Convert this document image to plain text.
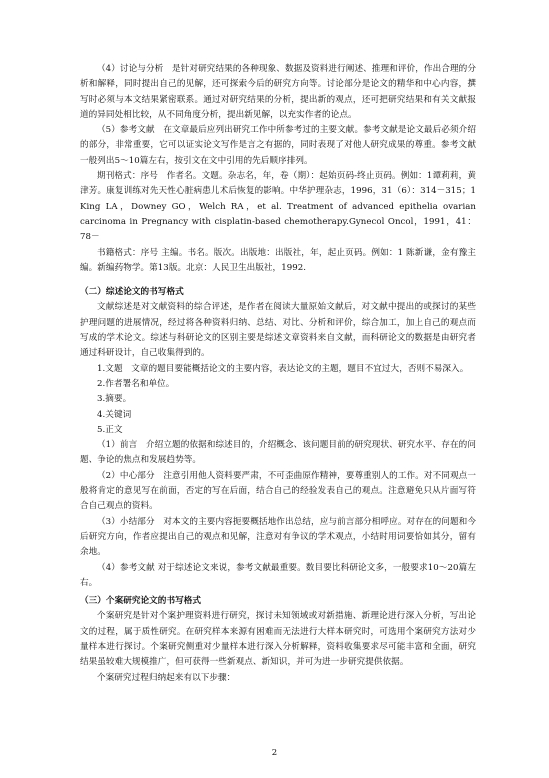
（4）讨论与分析　是针对研究结果的各种现象、数据及资料进行阐述、推理和评价，作出合理的分析和解释，同时提出自己的见解，还可探索今后的研究方向等。讨论部分是论文的精华和中心内容，撰写时必须与本文结果紧密联系。通过对研究结果的分析，提出新的观点，还可把研究结果和有关文献报道的异同处相比较，从不同角度分析，提出新见解，以充实作者的论点。

（5）参考文献　在文章最后应列出研究工作中所参考过的主要文献。参考文献是论文最后必须介绍的部分，非常重要，它可以证实论文写作是言之有据的，同时表现了对他人研究成果的尊重。参考文献一般列出5～10篇左右，按引文在文中引用的先后顺序排列。

期刊格式：序号　作者名。文题。杂志名，年，卷（期）：起始页码-终止页码。例如：1谭莉莉，黄津芳。康复训练对先天性心脏病患儿术后恢复的影响。中华护理杂志，1996，31（6）：314－315；1 King LA，Downey GO，Welch RA，et al. Treatment of advanced epithelia ovarian carcinoma in Pregnancy with cisplatin-based chemotherapy.Gynecol Oncol，1991，41：78－

书籍格式：序号 主编。书名。版次。出版地：出版社，年，起止页码。例如：1 陈新谦，金有豫主编。新编药物学。第13版。北京：人民卫生出版社，1992.

（二）综述论文的书写格式

文献综述是对文献资料的综合评述，是作者在阅读大量原始文献后，对文献中提出的或探讨的某些护理问题的进展情况，经过将各种资料归纳、总结、对比、分析和评价，综合加工，加上自己的观点而写成的学术论文。综述与科研论文的区别主要是综述文章资料来自文献，而科研论文的数据是由研究者通过科研设计，自己收集得到的。

1.文题　文章的题目要能概括论文的主要内容，表达论文的主题，题目不宜过大，否则不易深入。

2.作者署名和单位。

3.摘要。

4.关键词

5.正文

（1）前言　介绍立题的依据和综述目的，介绍概念、该问题目前的研究现状、研究水平、存在的问题、争论的焦点和发展趋势等。

（2）中心部分　注意引用他人资料要严肃，不可歪曲原作精神，要尊重别人的工作。对不同观点一般将肯定的意见写在前面，否定的写在后面，结合自己的经验发表自己的观点。注意避免只从片面写符合自己观点的资料。

（3）小结部分　对本文的主要内容扼要概括地作出总结，应与前言部分相呼应。对存在的问题和今后研究方向，作者应提出自己的观点和见解，注意对有争议的学术观点，小结时用词要恰如其分，留有余地。

（4）参考文献 对于综述论文来说，参考文献最重要。数目要比科研论文多，一般要求10～20篇左右。

（三）个案研究论文的书写格式

个案研究是针对个案护理资料进行研究，探讨未知领域或对新措施、新理论进行深入分析，写出论文的过程，属于质性研究。在研究样本来源有困难而无法进行大样本研究时，可选用个案研究方法对少量样本进行探讨。个案研究侧重对少量样本进行深入分析解释，资料收集要求尽可能丰富和全面，研究结果虽较难大规模推广，但可获得一些新观点、新知识，并可为进一步研究提供依据。

个案研究过程归纳起来有以下步骤：

2
